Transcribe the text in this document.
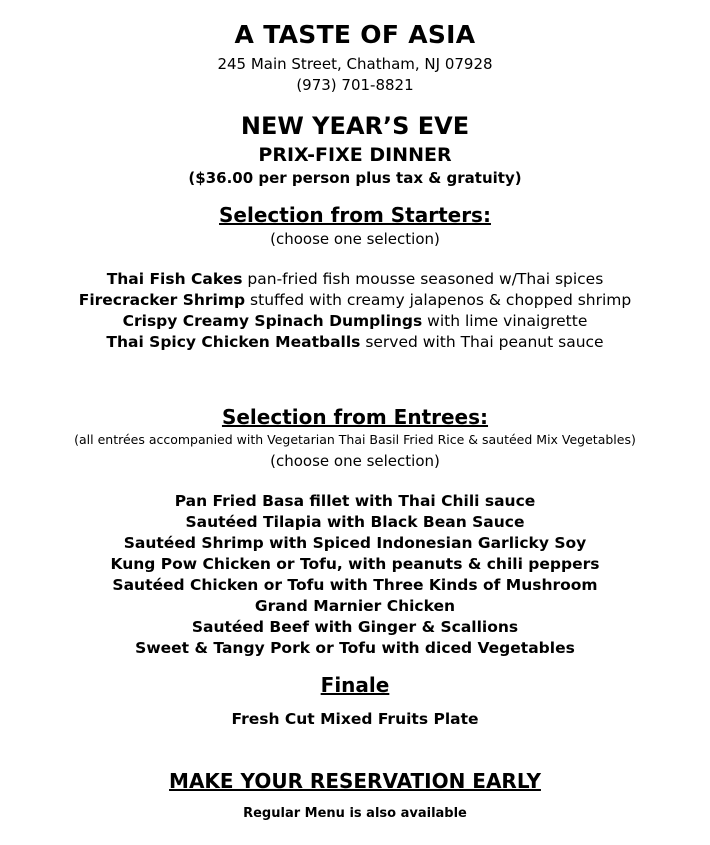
A TASTE OF ASIA
245 Main Street, Chatham, NJ 07928
(973) 701-8821
NEW YEAR’S EVE
PRIX-FIXE DINNER
($36.00 per person plus tax & gratuity)
Selection from Starters:
(choose one selection)
Thai Fish Cakes pan-fried fish mousse seasoned w/Thai spices
Firecracker Shrimp stuffed with creamy jalapenos & chopped shrimp
Crispy Creamy Spinach Dumplings with lime vinaigrette
Thai Spicy Chicken Meatballs served with Thai peanut sauce
Selection from Entrees:
(all entrées accompanied with Vegetarian Thai Basil Fried Rice & sautéed Mix Vegetables)
(choose one selection)
Pan Fried Basa fillet with Thai Chili sauce
Sautéed Tilapia with Black Bean Sauce
Sautéed Shrimp with Spiced Indonesian Garlicky Soy
Kung Pow Chicken or Tofu, with peanuts & chili peppers
Sautéed Chicken or Tofu with Three Kinds of Mushroom
Grand Marnier Chicken
Sautéed Beef with Ginger & Scallions
Sweet & Tangy Pork or Tofu with diced Vegetables
Finale
Fresh Cut Mixed Fruits Plate
MAKE YOUR RESERVATION EARLY
Regular Menu is also available
